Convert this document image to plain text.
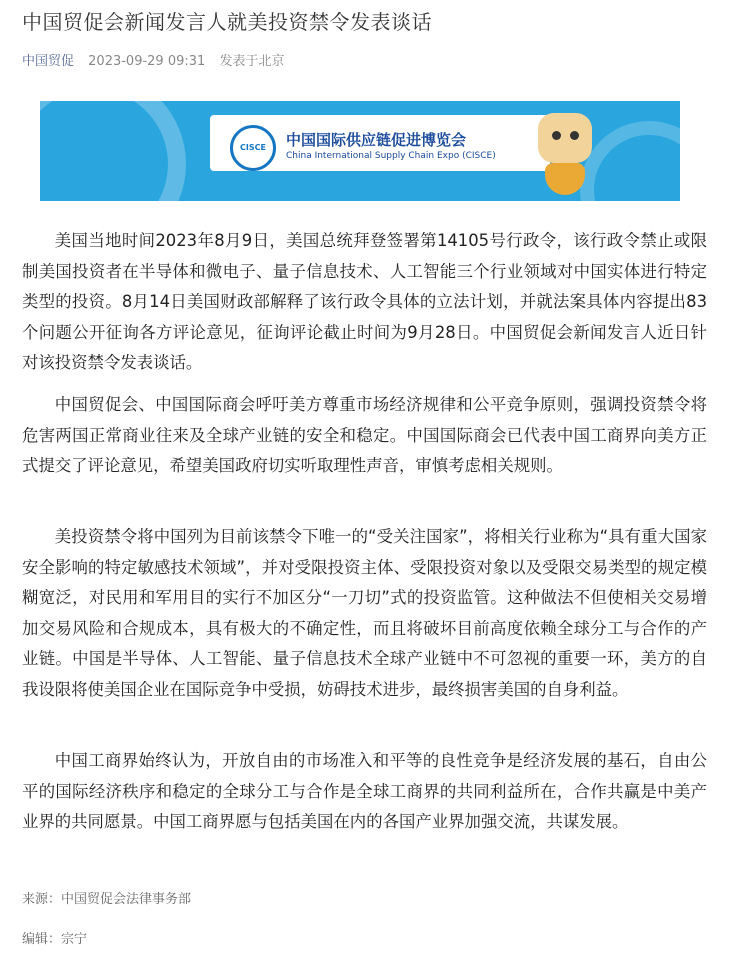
中国贸促会新闻发言人就美投资禁令发表谈话
中国贸促 2023-09-29 09:31 发表于北京
CISCE	中国国际供应链促进博览会
China International Supply Chain Expo (CISCE)
美国当地时间2023年8月9日，美国总统拜登签署第14105号行政令，该行政令禁止或限制美国投资者在半导体和微电子、量子信息技术、人工智能三个行业领域对中国实体进行特定类型的投资。8月14日美国财政部解释了该行政令具体的立法计划，并就法案具体内容提出83个问题公开征询各方评论意见，征询评论截止时间为9月28日。中国贸促会新闻发言人近日针对该投资禁令发表谈话。
中国贸促会、中国国际商会呼吁美方尊重市场经济规律和公平竞争原则，强调投资禁令将危害两国正常商业往来及全球产业链的安全和稳定。中国国际商会已代表中国工商界向美方正式提交了评论意见，希望美国政府切实听取理性声音，审慎考虑相关规则。
美投资禁令将中国列为目前该禁令下唯一的“受关注国家”，将相关行业称为“具有重大国家安全影响的特定敏感技术领域”，并对受限投资主体、受限投资对象以及受限交易类型的规定模糊宽泛，对民用和军用目的实行不加区分“一刀切”式的投资监管。这种做法不但使相关交易增加交易风险和合规成本，具有极大的不确定性，而且将破坏目前高度依赖全球分工与合作的产业链。中国是半导体、人工智能、量子信息技术全球产业链中不可忽视的重要一环，美方的自我设限将使美国企业在国际竞争中受损，妨碍技术进步，最终损害美国的自身利益。
中国工商界始终认为，开放自由的市场准入和平等的良性竞争是经济发展的基石，自由公平的国际经济秩序和稳定的全球分工与合作是全球工商界的共同利益所在，合作共赢是中美产业界的共同愿景。中国工商界愿与包括美国在内的各国产业界加强交流，共谋发展。
来源：中国贸促会法律事务部
编辑：宗宁
